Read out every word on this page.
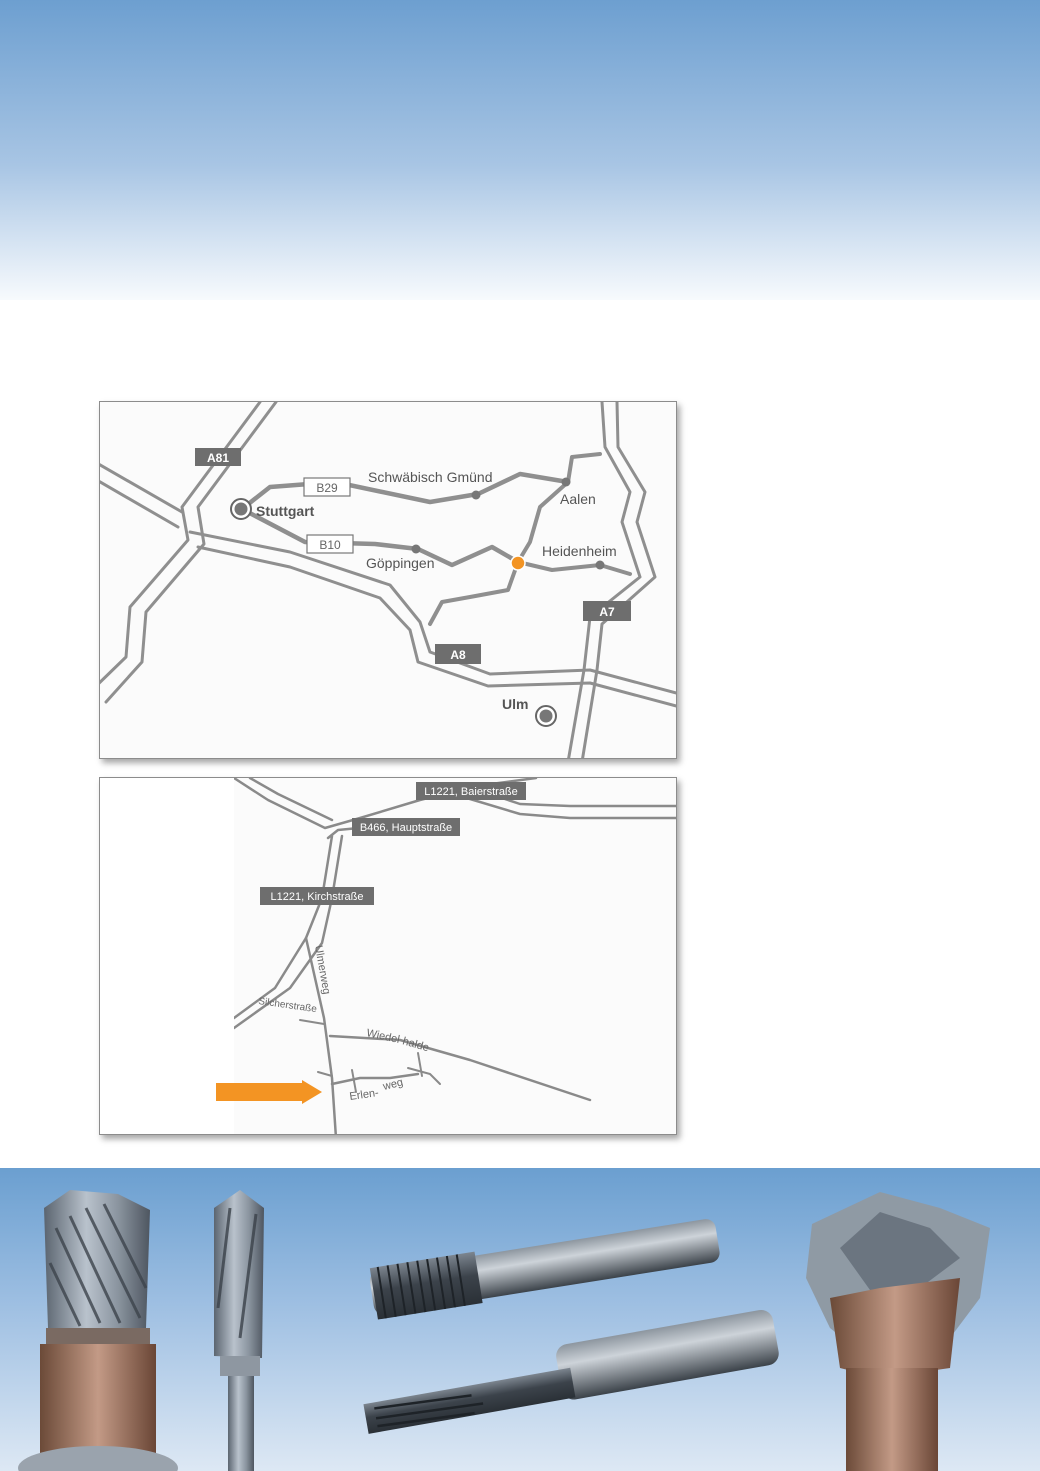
A81
A7
A8
B29
B10
Stuttgart
Schwäbisch Gmünd
Aalen
Heidenheim
Göppingen
Ulm
L1221, Baierstraße
B466, Hauptstraße
L1221, Kirchstraße
Ulmerweg
Silcherstraße
Wiedel halde
Erlen-
weg
